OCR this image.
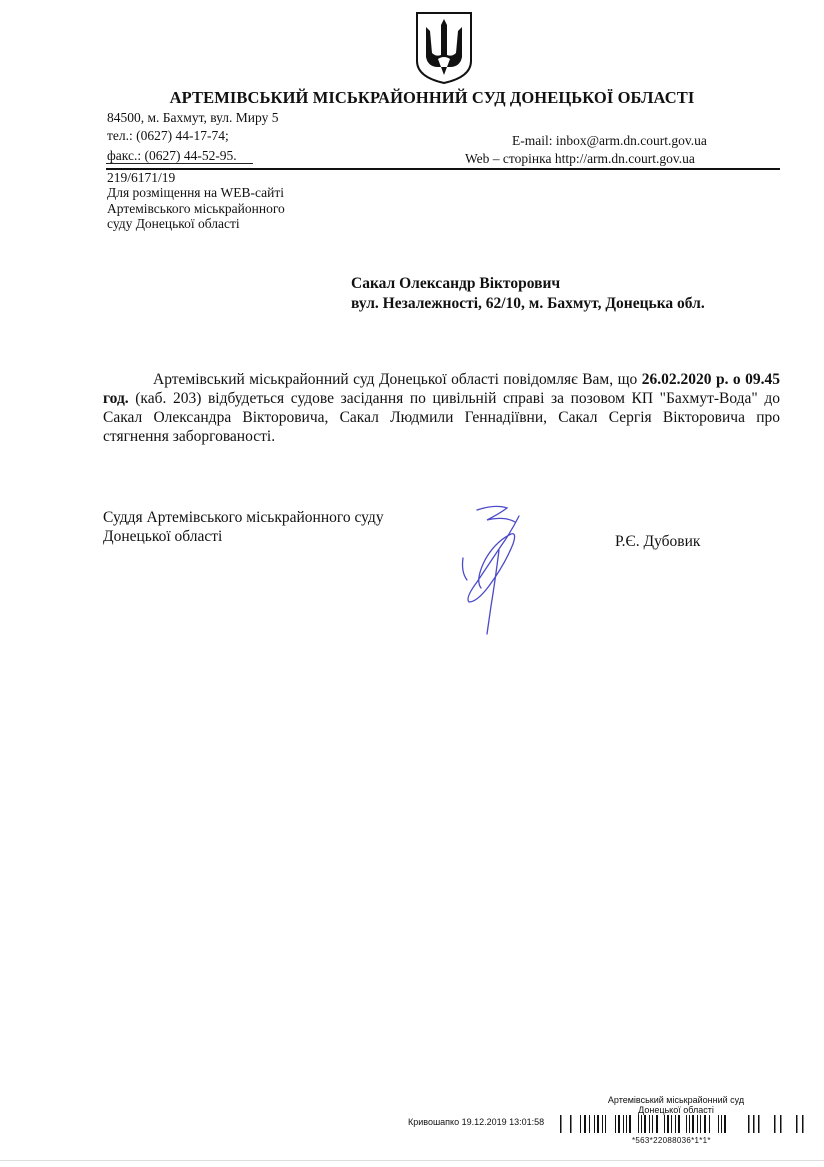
АРТЕМІВСЬКИЙ МІСЬКРАЙОННИЙ СУД ДОНЕЦЬКОЇ ОБЛАСТІ
84500, м. Бахмут, вул. Миру 5
тел.: (0627) 44-17-74;
факс.: (0627) 44-52-95.
E-mail: inbox@arm.dn.court.gov.ua
Web – сторінка http://arm.dn.court.gov.ua
219/6171/19
Для розміщення на WEB-сайті
Артемівського міськрайонного
суду Донецької області
Сакал Олександр Вікторович
вул. Незалежності, 62/10, м. Бахмут, Донецька обл.
Артемівський міськрайонний суд Донецької області повідомляє Вам, що 26.02.2020 р. о 09.45 год. (каб. 203) відбудеться судове засідання по цивільній справі за позовом КП "Бахмут-Вода" до Сакал Олександра Вікторовича, Сакал Людмили Геннадіївни, Сакал Сергія Вікторовича про стягнення заборгованості.
Суддя Артемівського міськрайонного суду
Донецької області	Р.Є. Дубовик
Артемівський міськрайонний суд
Донецької області
Кривошапко 19.12.2019 13:01:58
*563*22088036*1*1*
